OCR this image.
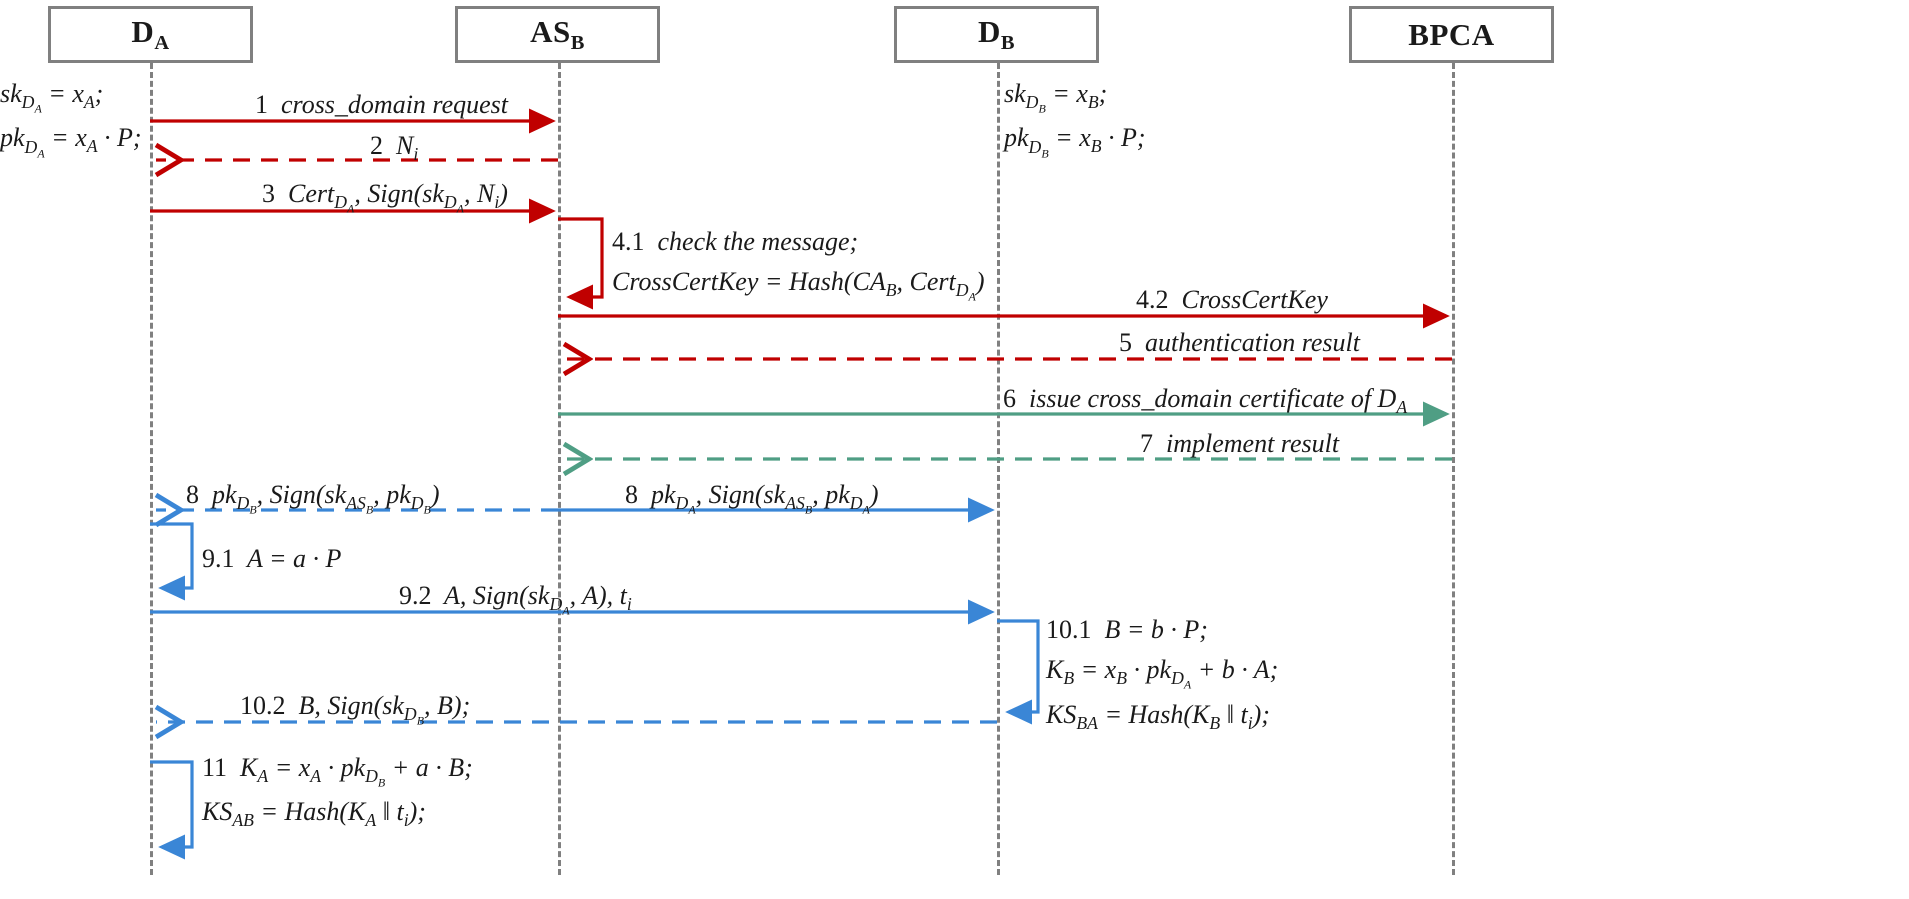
$D_A$	$AS_B$	$D_B$	BPCA
$sk_{D_A} = x_A$;
$pk_{D_A} = x_A \cdot P$;
$sk_{D_B} = x_B$;
$pk_{D_B} = x_B \cdot P$;
1  cross_domain request
2  $N_i$
3  Cert$_{D_A}$, $Sign(sk_{D_A}$, $N_i$)
4.1  check the message;
CrossCertKey = $Hash(CA_B$, Cert$_{D_A}$)
4.2  CrossCertKey
5  authentication result
6  issue cross_domain certificate of $D_A$
7  implement result
8  $pk_{D_B}$, $Sign(sk_{AS_B}$, $pk_{D_B}$)	8  $pk_{D_A}$, $Sign(sk_{AS_B}$, $pk_{D_A}$)
9.1  A = a · P
9.2  A, $Sign(sk_{D_A}$, A), $t_i$
10.1  B = b · P;
$K_B = x_B \cdot pk_{D_A} + b \cdot A$;
$KS_{BA}$ = $Hash(K_B$ ‖ $t_i$);
10.2  B, $Sign(sk_{D_B}$, B);
11  $K_A = x_A \cdot pk_{D_B} + a \cdot B$;
$KS_{AB}$ = $Hash(K_A$ ‖ $t_i$);
